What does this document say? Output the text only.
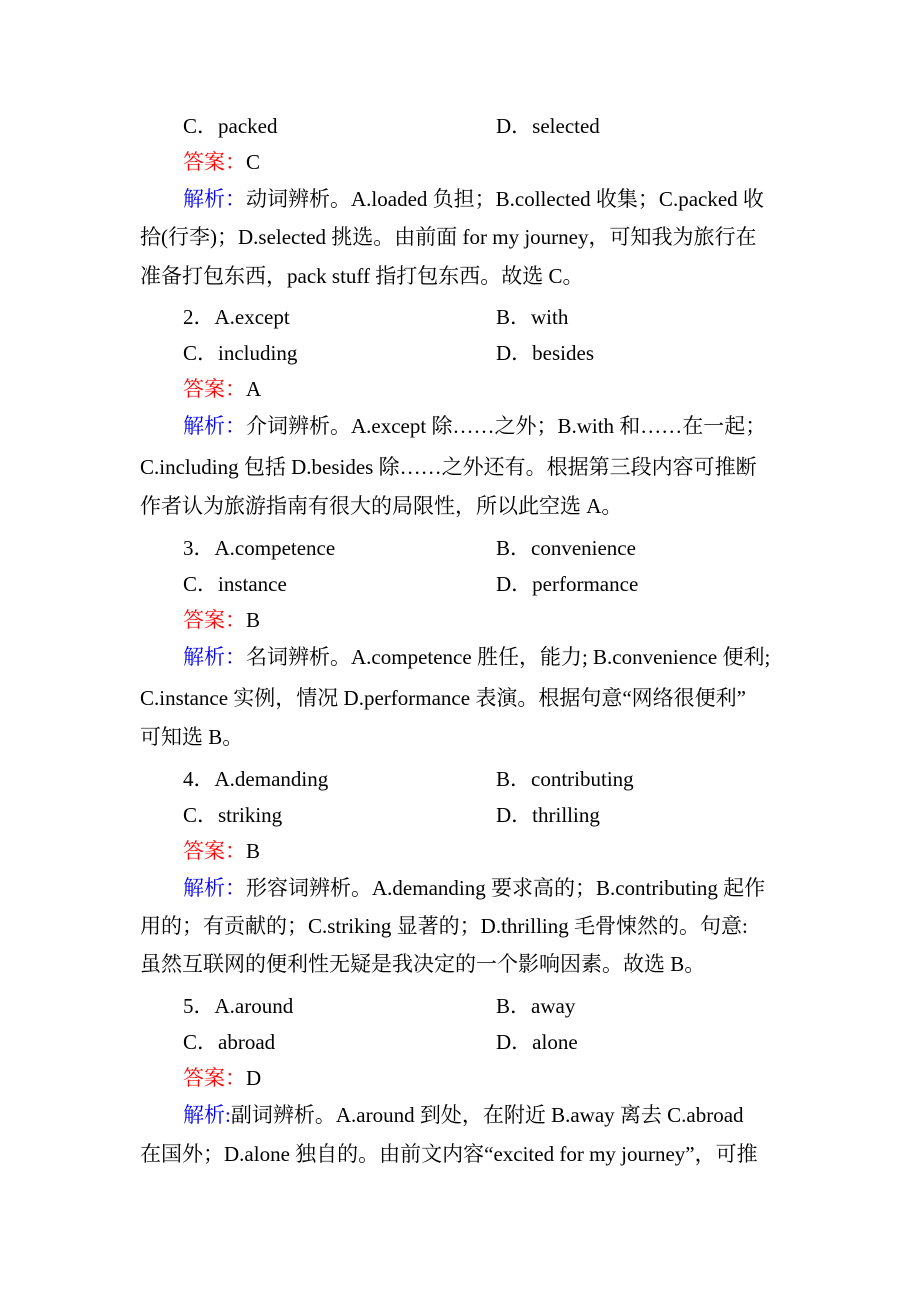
C．packed	D．selected
答案：C
解析：动词辨析。A.loaded 负担；B.collected 收集；C.packed 收
拾(行李)；D.selected 挑选。由前面 for my journey，可知我为旅行在
准备打包东西，pack stuff 指打包东西。故选 C。
2．A.except	B．with
C．including	D．besides
答案：A
解析：介词辨析。A.except 除……之外；B.with 和……在一起；
C.including 包括 D.besides 除……之外还有。根据第三段内容可推断
作者认为旅游指南有很大的局限性，所以此空选 A。
3．A.competence	B．convenience
C．instance	D．performance
答案：B
解析：名词辨析。A.competence 胜任，能力; B.convenience 便利;
C.instance 实例，情况 D.performance 表演。根据句意“网络很便利”
可知选 B。
4．A.demanding	B．contributing
C．striking	D．thrilling
答案：B
解析：形容词辨析。A.demanding 要求高的；B.contributing 起作
用的；有贡献的；C.striking 显著的；D.thrilling 毛骨悚然的。句意:
虽然互联网的便利性无疑是我决定的一个影响因素。故选 B。
5．A.around	B．away
C．abroad	D．alone
答案：D
解析:副词辨析。A.around 到处，在附近 B.away 离去 C.abroad
在国外；D.alone 独自的。由前文内容“excited for my journey”，可推
